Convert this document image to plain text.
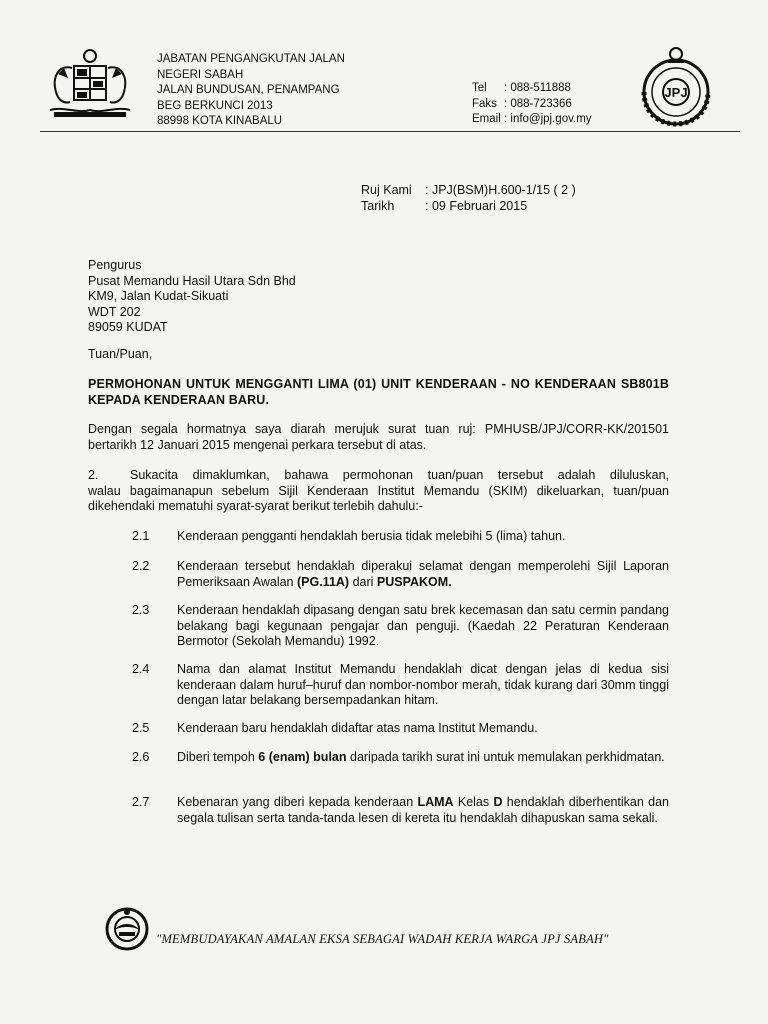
JABATAN PENGANGKUTAN JALAN
NEGERI SABAH
JALAN BUNDUSAN, PENAMPANG
BEG BERKUNCI 2013
88998 KOTA KINABALU
Tel : 088-511888
Faks : 088-723366
Email : info@jpj.gov.my
JPJ
Ruj Kami : JPJ(BSM)H.600-1/15 ( 2 )
Tarikh : 09 Februari 2015
Pengurus
Pusat Memandu Hasil Utara Sdn Bhd
KM9, Jalan Kudat-Sikuati
WDT 202
89059 KUDAT
Tuan/Puan,
PERMOHONAN UNTUK MENGGANTI LIMA (01) UNIT KENDERAAN - NO KENDERAAN SB801B KEPADA KENDERAAN BARU.
Dengan segala hormatnya saya diarah merujuk surat tuan ruj: PMHUSB/JPJ/CORR-KK/201501 bertarikh 12 Januari 2015 mengenai perkara tersebut di atas.
2.	Sukacita dimaklumkan, bahawa permohonan tuan/puan tersebut adalah diluluskan,
walau bagaimanapun sebelum Sijil Kenderaan Institut Memandu (SKIM) dikeluarkan, tuan/puan dikehendaki mematuhi syarat-syarat berikut terlebih dahulu:-
2.1 Kenderaan pengganti hendaklah berusia tidak melebihi 5 (lima) tahun.
2.2 Kenderaan tersebut hendaklah diperakui selamat dengan memperolehi Sijil Laporan Pemeriksaan Awalan (PG.11A) dari PUSPAKOM.
2.3 Kenderaan hendaklah dipasang dengan satu brek kecemasan dan satu cermin pandang belakang bagi kegunaan pengajar dan penguji. (Kaedah 22 Peraturan Kenderaan Bermotor (Sekolah Memandu) 1992.
2.4 Nama dan alamat Institut Memandu hendaklah dicat dengan jelas di kedua sisi kenderaan dalam huruf–huruf dan nombor-nombor merah, tidak kurang dari 30mm tinggi dengan latar belakang bersempadankan hitam.
2.5 Kenderaan baru hendaklah didaftar atas nama Institut Memandu.
2.6 Diberi tempoh 6 (enam) bulan daripada tarikh surat ini untuk memulakan perkhidmatan.
2.7 Kebenaran yang diberi kepada kenderaan LAMA Kelas D hendaklah diberhentikan dan segala tulisan serta tanda-tanda lesen di kereta itu hendaklah dihapuskan sama sekali.
"MEMBUDAYAKAN AMALAN EKSA SEBAGAI WADAH KERJA WARGA JPJ SABAH"
